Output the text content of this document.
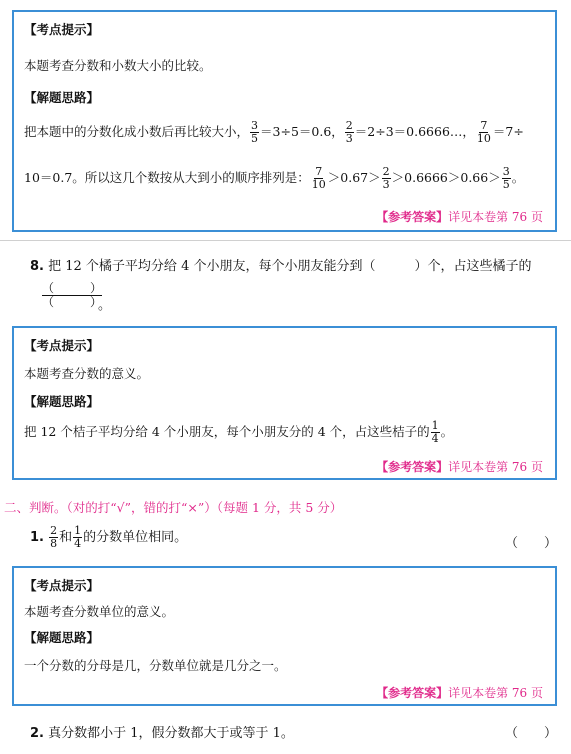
【考点提示】
本题考查分数和小数大小的比较。
【解题思路】
把本题中的分数化成小数后再比较大小， $\frac{3}{5} =3\div 5=0.6$， $\frac{2}{3}$ ＝2÷3＝0.6666…， $\frac{7}{10} =7\div$
10＝0.7。所以这几个数按从大到小的顺序排列是： $\frac{7}{10} >0.67> \frac{2}{3} >0.6666>0.66> \frac{3}{5}$ 。
【参考答案】详见本卷第 76 页
8. 把 12 个橘子平均分给 4 个小朋友，每个小朋友能分到（　　　）个，占这些橘子的
（　　　）
（　　　）
。
【考点提示】
本题考查分数的意义。
【解题思路】
把 12 个桔子平均分给 4 个小朋友，每个小朋友分的 4 个，占这些桔子的 $\frac{1}{4}$ 。
【参考答案】详见本卷第 76 页
二、判断。（对的打“√”，错的打“×”）（每题 1 分，共 5 分）
1. $\frac{2}{8}$ 和 $\frac{1}{4}$ 的分数单位相同。	（　　）
【考点提示】
本题考查分数单位的意义。
【解题思路】
一个分数的分母是几，分数单位就是几分之一。
【参考答案】详见本卷第 76 页
2. 真分数都小于 1，假分数都大于或等于 1。	（　　）
